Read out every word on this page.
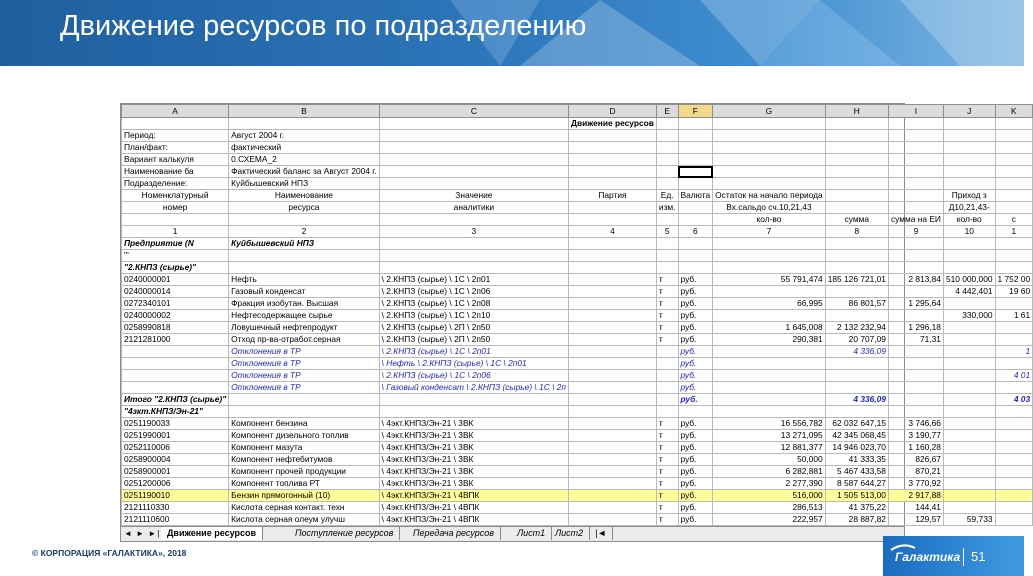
Движение ресурсов по подразделению
A	B	C	D	E	F	G	H	I	J	K
			Движение ресурсов							
Период:	Август 2004 г.									
План/факт:	фактический									
Вариант калькуля	0.СХЕМА_2									
Наименование ба	Фактический баланс за Август 2004 г.									
Подразделение:	Куйбышевский НПЗ									
Номенклатурный	Наименование	Значение	Партия	Ед.	Валюта	Остаток на начало периода			Приход з	
номер	ресурса	аналитики		изм.		Вх.сальдо сч.10,21,43			Д10,21,43-	
						кол-во	сумма	сумма на ЕИ	кол-во	с
1	2	3	4	5	6	7	8	9	10	1
Предприятие (N	Куйбышевский НПЗ									
'''										
"2.КНПЗ (сырье)"										
0240000001	Нефть	\ 2.КНПЗ (сырье) \ 1С \ 2п01		т	руб.	55 791,474	185 126 721,01	2 813,84	510 000,000	1 752 00
0240000014	Газовый конденсат	\ 2.КНПЗ (сырье) \ 1С \ 2п06		т	руб.				4 442,401	19 60
0272340101	Фракция изобутан. Высшая	\ 2.КНПЗ (сырье) \ 1С \ 2п08		т	руб.	66,995	86 801,57	1 295,64		
0240000002	Нефтесодержащее сырье	\ 2.КНПЗ (сырье) \ 1С \ 2п10		т	руб.				330,000	1 61
0258990818	Ловушечный нефтепродукт	\ 2.КНПЗ (сырье) \ 2П \ 2п50		т	руб.	1 645,008	2 132 232,94	1 296,18		
2121281000	Отход пр-ва-отработ.серная	\ 2.КНПЗ (сырье) \ 2П \ 2п50		т	руб.	290,381	20 707,09	71,31		
	Отклонения в ТР	\ 2.КНПЗ (сырье) \ 1С \ 2п01			руб.		4 336,09			1
	Отклонения в ТР	\ Нефть \ 2.КНПЗ (сырье) \ 1С \ 2п01			руб.					
	Отклонения в ТР	\ 2.КНПЗ (сырье) \ 1С \ 2п06			руб.					4 01
	Отклонения в ТР	\ Газовый конденсат \ 2.КНПЗ (сырье) \ 1С \ 2п			руб.					
Итого "2.КНПЗ (сырье)"					руб.		4 336,09			4 03
"4зкт.КНПЗ/Эн-21"										
0251190033	Компонент бензина	\ 4экт.КНПЗ/Эн-21 \ 3ВК		т	руб.	16 556,782	62 032 647,15	3 746,66		
0251990001	Компонент дизельного топлив	\ 4экт.КНПЗ/Эн-21 \ 3ВК		т	руб.	13 271,095	42 345 068,45	3 190,77		
0252110006	Компонент мазута	\ 4экт.КНПЗ/Эн-21 \ 3ВК		т	руб.	12 881,377	14 946 023,70	1 160,28		
0258900004	Компонент нефтебитумов	\ 4экт.КНПЗ/Эн-21 \ 3ВК		т	руб.	50,000	41 333,35	826,67		
0258900001	Компонент прочей продукции	\ 4экт.КНПЗ/Эн-21 \ 3ВК		т	руб.	6 282,881	5 467 433,58	870,21		
0251200006	Компонент топлива РТ	\ 4экт.КНПЗ/Эн-21 \ 3ВК		т	руб.	2 277,390	8 587 644,27	3 770,92		
0251190010	Бензин прямогонный (10)	\ 4экт.КНПЗ/Эн-21 \ 4ВПК		т	руб.	516,000	1 505 513,00	2 917,88		
2121110330	Кислота серная контакт. техн	\ 4экт.КНПЗ/Эн-21 \ 4ВПК		т	руб.	286,513	41 375,22	144,41		
2121110600	Кислота серная олеум улучш	\ 4экт.КНПЗ/Эн-21 \ 4ВПК		т	руб.	222,957	28 887,82	129,57	59,733	
◄ ► ►| Движение ресурсов	Поступление ресурсов	Передача ресурсов	Лист1	Лист2	|◄
© КОРПОРАЦИЯ «ГАЛАКТИКА», 2018	Галактика 51
